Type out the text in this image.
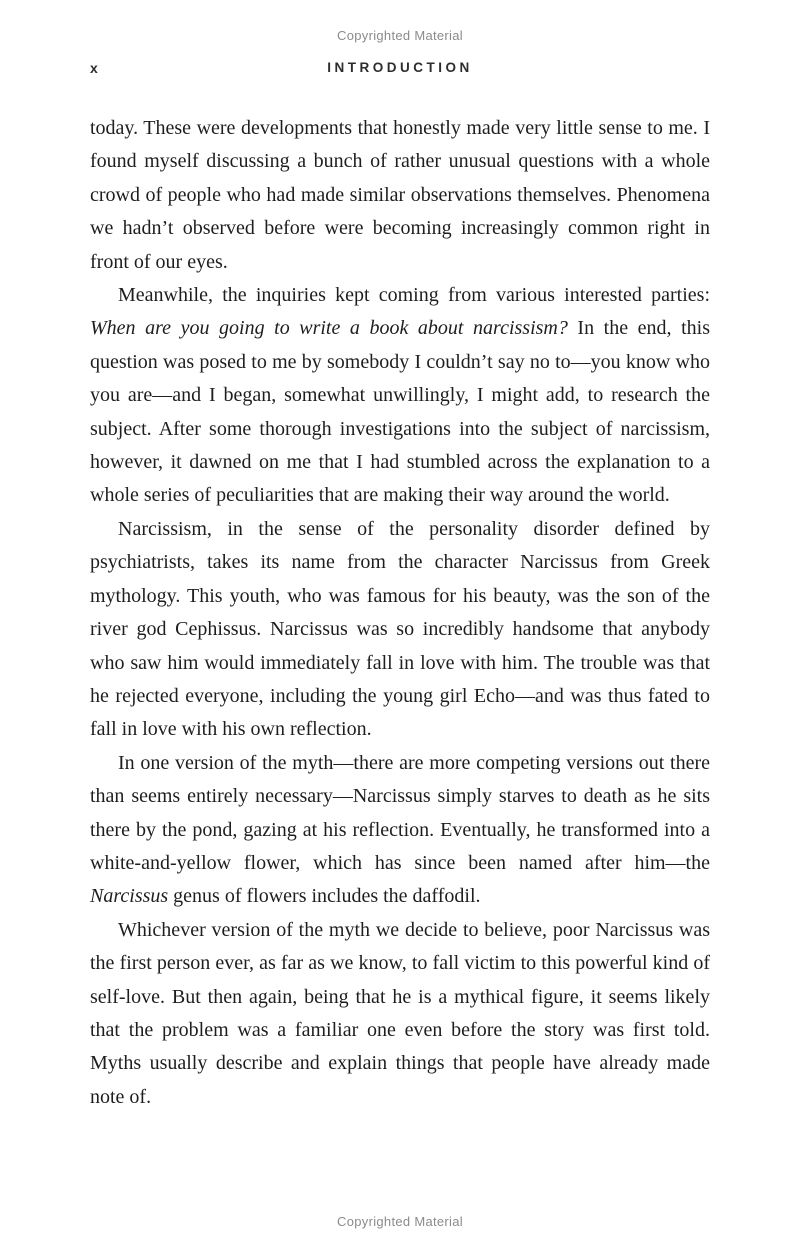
Copyrighted Material
x	INTRODUCTION

today. These were developments that honestly made very little sense to me. I found myself discussing a bunch of rather unusual questions with a whole crowd of people who had made similar observations themselves. Phenomena we hadn’t observed before were becoming increasingly common right in front of our eyes.

Meanwhile, the inquiries kept coming from various interested parties: When are you going to write a book about narcissism? In the end, this question was posed to me by somebody I couldn’t say no to—you know who you are—and I began, somewhat unwillingly, I might add, to research the subject. After some thorough investigations into the subject of narcissism, however, it dawned on me that I had stumbled across the explanation to a whole series of peculiarities that are making their way around the world.

Narcissism, in the sense of the personality disorder defined by psychiatrists, takes its name from the character Narcissus from Greek mythology. This youth, who was famous for his beauty, was the son of the river god Cephissus. Narcissus was so incredibly handsome that anybody who saw him would immediately fall in love with him. The trouble was that he rejected everyone, including the young girl Echo—and was thus fated to fall in love with his own reflection.

In one version of the myth—there are more competing versions out there than seems entirely necessary—Narcissus simply starves to death as he sits there by the pond, gazing at his reflection. Eventually, he transformed into a white-and-yellow flower, which has since been named after him—the Narcissus genus of flowers includes the daffodil.

Whichever version of the myth we decide to believe, poor Narcissus was the first person ever, as far as we know, to fall victim to this powerful kind of self-love. But then again, being that he is a mythical figure, it seems likely that the problem was a familiar one even before the story was first told. Myths usually describe and explain things that people have already made note of.

Copyrighted Material
